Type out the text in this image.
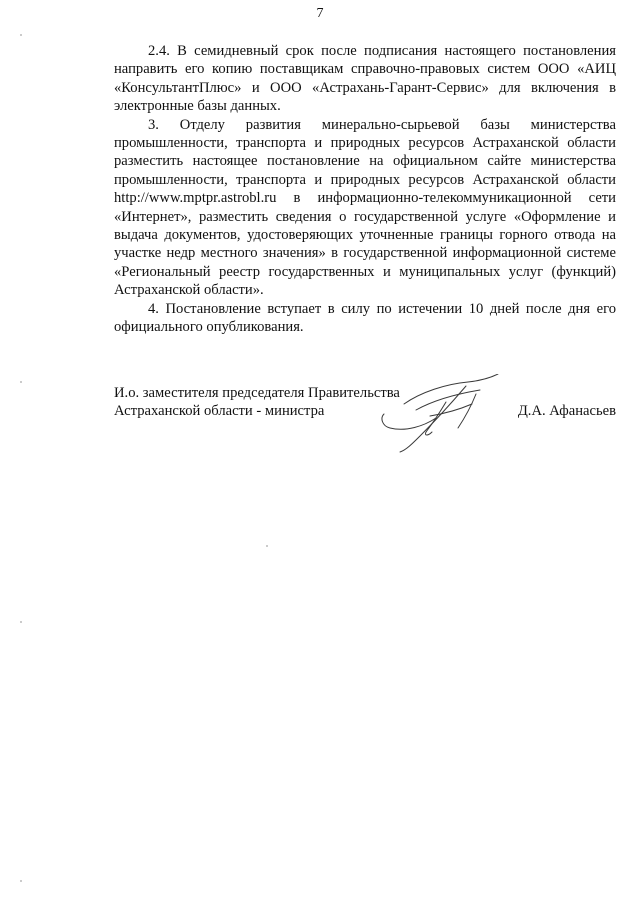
7

2.4. В семидневный срок после подписания настоящего постановления направить его копию поставщикам справочно-правовых систем ООО «АИЦ «КонсультантПлюс» и ООО «Астрахань-Гарант-Сервис» для включения в электронные базы данных.

3. Отделу развития минерально-сырьевой базы министерства промышленности, транспорта и природных ресурсов Астраханской области разместить настоящее постановление на официальном сайте министерства промышленности, транспорта и природных ресурсов Астраханской области http://www.mptpr.astrobl.ru в информационно-телекоммуникационной сети «Интернет», разместить сведения о государственной услуге «Оформление и выдача документов, удостоверяющих уточненные границы горного отвода на участке недр местного значения» в государственной информационной системе «Региональный реестр государственных и муниципальных услуг (функций) Астраханской области».

4. Постановление вступает в силу по истечении 10 дней после дня его официального опубликования.

И.о. заместителя председателя Правительства
Астраханской области - министра	Д.А. Афанасьев
